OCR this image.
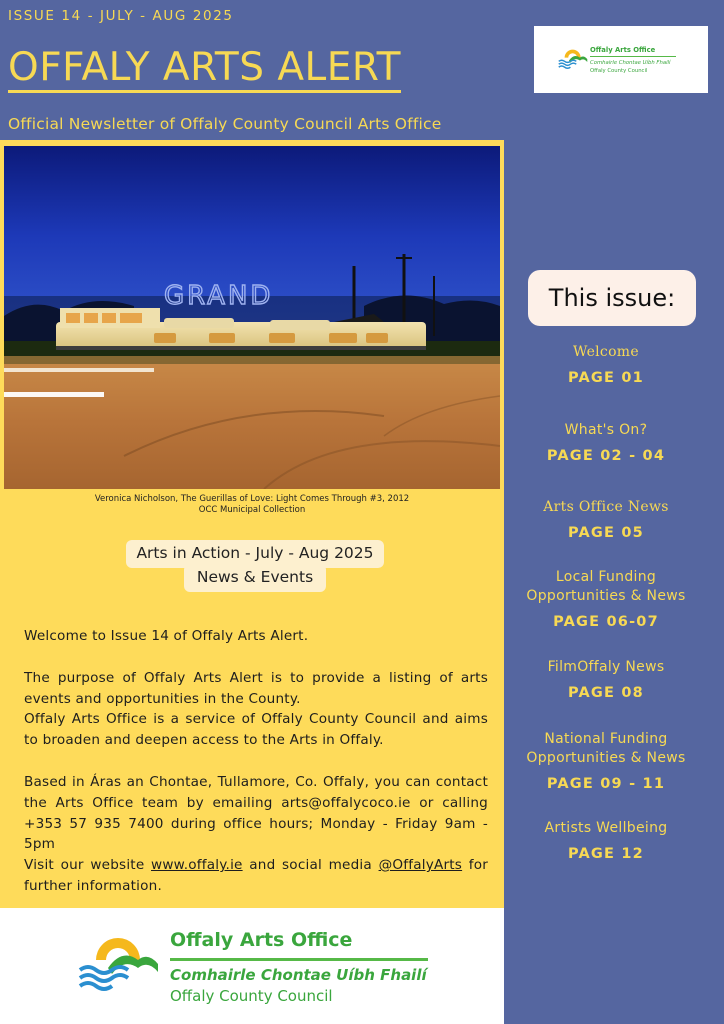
ISSUE 14 - JULY - AUG 2025
OFFALY ARTS ALERT
Official Newsletter of Offaly County Council Arts Office
GRAND
Veronica Nicholson, The Guerillas of Love: Light Comes Through #3, 2012
OCC Municipal Collection
Arts in Action - July - Aug 2025
News & Events

Welcome to Issue 14 of Offaly Arts Alert.

The purpose of Offaly Arts Alert is to provide a listing of arts events and opportunities in the County.

Offaly Arts Office is a service of Offaly County Council and aims to broaden and deepen access to the Arts in Offaly.

Based in Áras an Chontae, Tullamore, Co. Offaly, you can contact the Arts Office team by emailing arts@offalycoco.ie or calling +353 57 935 7400 during office hours; Monday - Friday 9am - 5pm

Visit our website www.offaly.ie and social media @OffalyArts for further information.

Offaly Arts Office
Comhairle Chontae Uíbh Fhailí
Offaly County Council
Offaly Arts Office
Comhairle Chontae Uíbh Fhailí
Offaly County Council
This issue:
Welcome
PAGE 01
What's On?
PAGE 02 - 04
Arts Office News
PAGE 05
Local Funding Opportunities & News
PAGE 06-07
FilmOffaly News
PAGE 08
National Funding Opportunities & News
PAGE 09 - 11
Artists Wellbeing
PAGE 12
